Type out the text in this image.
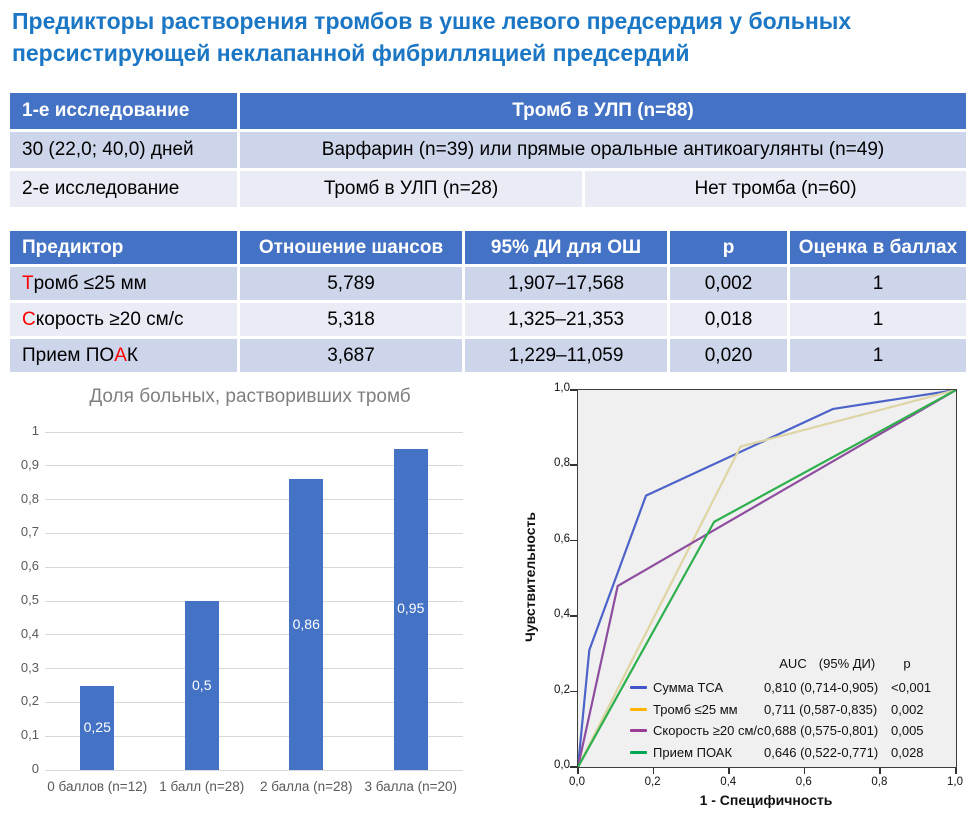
Предикторы растворения тромбов в ушке левого предсердия у больных
персистирующей неклапанной фибрилляцией предсердий
1-е исследование	Тромб в УЛП (n=88)
30 (22,0; 40,0) дней	Варфарин (n=39) или прямые оральные антикоагулянты (n=49)
2-е исследование	Тромб в УЛП (n=28)	Нет тромба (n=60)
Предиктор	Отношение шансов	95% ДИ для ОШ	p	Оценка в баллах
Т ромб ≤25 мм	5,789	1,907–17,568	0,002	1
С корость ≥20 см/с	5,318	1,325–21,353	0,018	1
Прием ПО А К	3,687	1,229–11,059	0,020	1
Доля больных, растворивших тромб
0
0,1
0,2
0,3
0,4
0,5
0,6
0,7
0,8
0,9
1
0,25
0 баллов (n=12)
0,5
1 балл (n=28)
0,86
2 балла (n=28)
0,95
3 балла (n=20)
Чувствительность
AUC (95% ДИ)	p
Сумма ТСА	0,810 (0,714-0,905) <0,001
Тромб ≤25 мм 0,711 (0,587-0,835) 0,002
Скорость ≥20 см/с 0,688 (0,575-0,801) 0,005
Прием ПОАК 0,646 (0,522-0,771) 0,028
1 - Специфичность
0,0
0,2
0,4
0,6
0,8
1,0
0,0	0,2	0,4	0,6	0,8	1,0
